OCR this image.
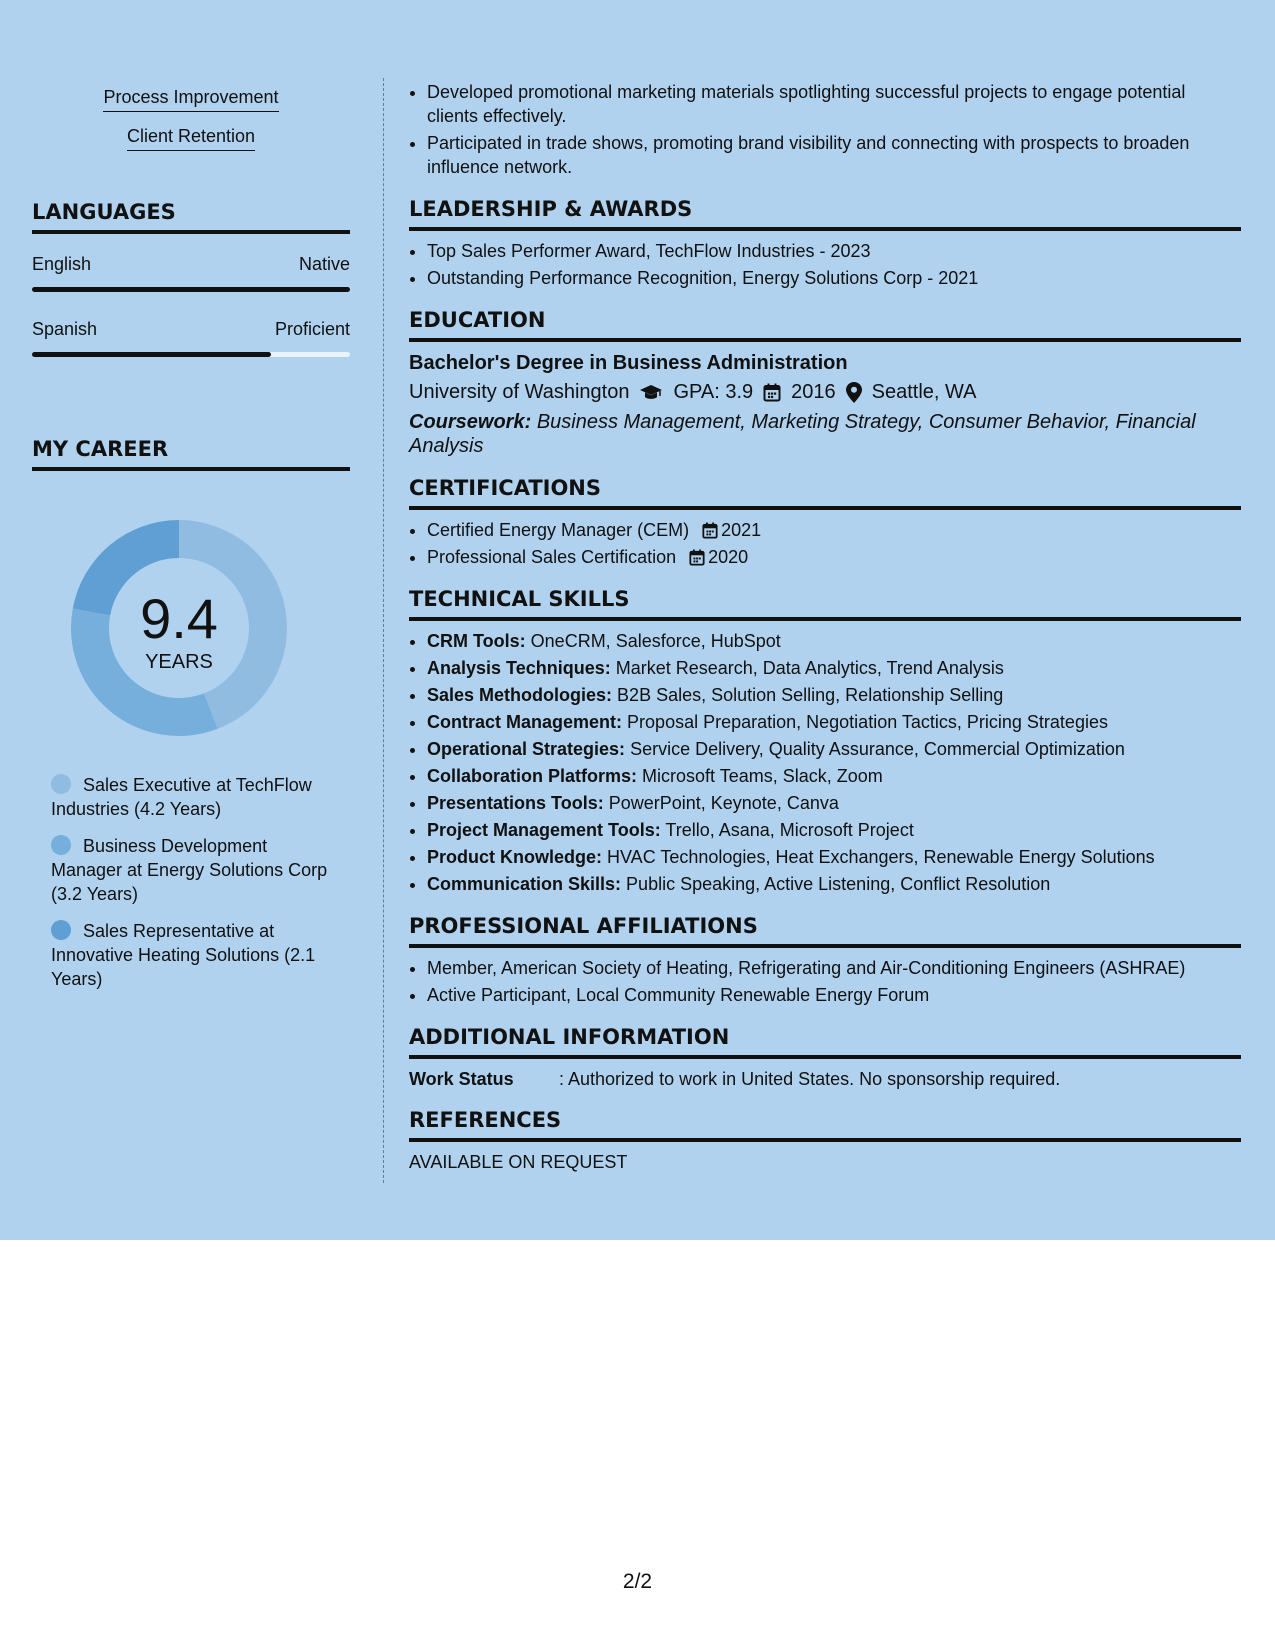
Process Improvement
Client Retention
LANGUAGES
English	Native
Spanish	Proficient
MY CAREER
9.4
YEARS
Sales Executive at TechFlow Industries (4.2 Years)
Business Development Manager at Energy Solutions Corp (3.2 Years)
Sales Representative at Innovative Heating Solutions (2.1 Years)
• Developed promotional marketing materials spotlighting successful projects to engage potential clients effectively.
• Participated in trade shows, promoting brand visibility and connecting with prospects to broaden influence network.
LEADERSHIP & AWARDS
• Top Sales Performer Award, TechFlow Industries - 2023
• Outstanding Performance Recognition, Energy Solutions Corp - 2021
EDUCATION
Bachelor's Degree in Business Administration
University of Washington GPA: 3.9 2016 Seattle, WA
Coursework: Business Management, Marketing Strategy, Consumer Behavior, Financial Analysis
CERTIFICATIONS
• Certified Energy Manager (CEM) 2021
• Professional Sales Certification 2020
TECHNICAL SKILLS
• CRM Tools: OneCRM, Salesforce, HubSpot
• Analysis Techniques: Market Research, Data Analytics, Trend Analysis
• Sales Methodologies: B2B Sales, Solution Selling, Relationship Selling
• Contract Management: Proposal Preparation, Negotiation Tactics, Pricing Strategies
• Operational Strategies: Service Delivery, Quality Assurance, Commercial Optimization
• Collaboration Platforms: Microsoft Teams, Slack, Zoom
• Presentations Tools: PowerPoint, Keynote, Canva
• Project Management Tools: Trello, Asana, Microsoft Project
• Product Knowledge: HVAC Technologies, Heat Exchangers, Renewable Energy Solutions
• Communication Skills: Public Speaking, Active Listening, Conflict Resolution
PROFESSIONAL AFFILIATIONS
• Member, American Society of Heating, Refrigerating and Air-Conditioning Engineers (ASHRAE)
• Active Participant, Local Community Renewable Energy Forum
ADDITIONAL INFORMATION
Work Status	: Authorized to work in United States. No sponsorship required.
REFERENCES
AVAILABLE ON REQUEST
2/2
